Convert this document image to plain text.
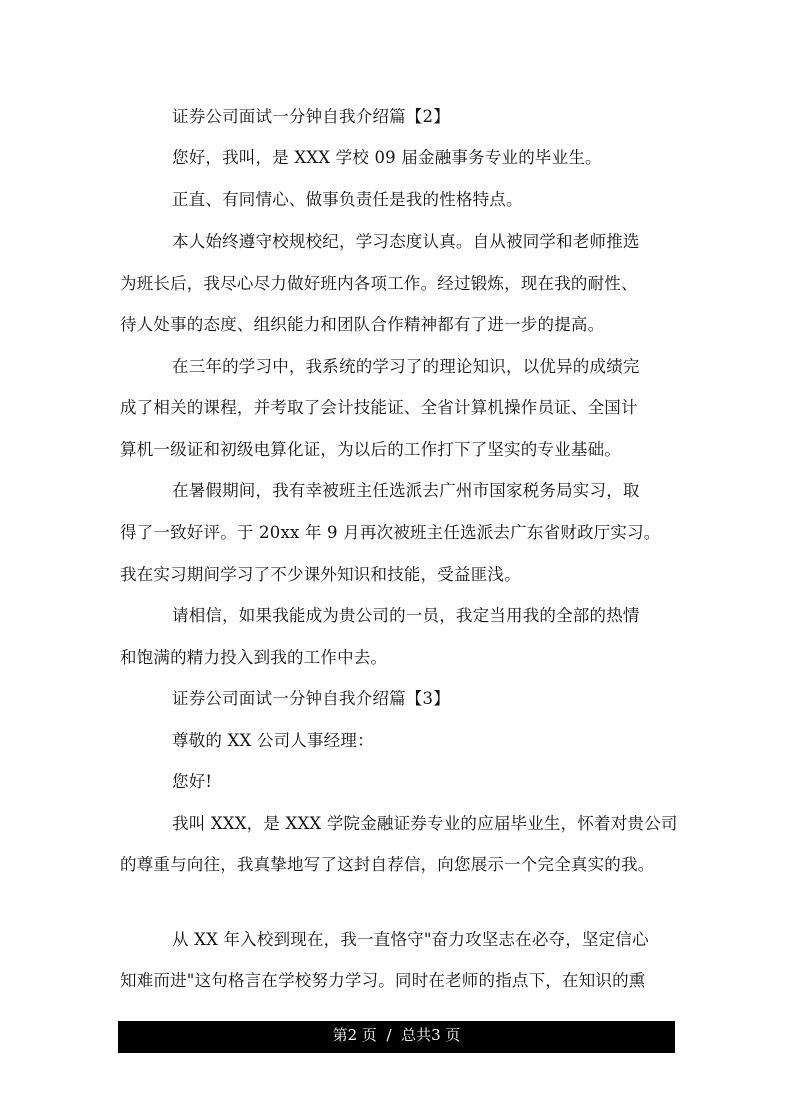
证券公司面试一分钟自我介绍篇【2】
您好，我叫，是 XXX 学校 09 届金融事务专业的毕业生。
正直、有同情心、做事负责任是我的性格特点。
本人始终遵守校规校纪，学习态度认真。自从被同学和老师推选
为班长后，我尽心尽力做好班内各项工作。经过锻炼，现在我的耐性、
待人处事的态度、组织能力和团队合作精神都有了进一步的提高。
在三年的学习中，我系统的学习了的理论知识，以优异的成绩完
成了相关的课程，并考取了会计技能证、全省计算机操作员证、全国计
算机一级证和初级电算化证，为以后的工作打下了坚实的专业基础。
在暑假期间，我有幸被班主任选派去广州市国家税务局实习，取
得了一致好评。于 20xx 年 9 月再次被班主任选派去广东省财政厅实习。
我在实习期间学习了不少课外知识和技能，受益匪浅。
请相信，如果我能成为贵公司的一员，我定当用我的全部的热情
和饱满的精力投入到我的工作中去。
证券公司面试一分钟自我介绍篇【3】
尊敬的 XX 公司人事经理：
您好!
我叫 XXX，是 XXX 学院金融证券专业的应届毕业生，怀着对贵公司
的尊重与向往，我真挚地写了这封自荐信，向您展示一个完全真实的我。
从 XX 年入校到现在，我一直恪守"奋力攻坚志在必夺，坚定信心
知难而进"这句格言在学校努力学习。同时在老师的指点下，在知识的熏
第2 页  /  总共3 页
